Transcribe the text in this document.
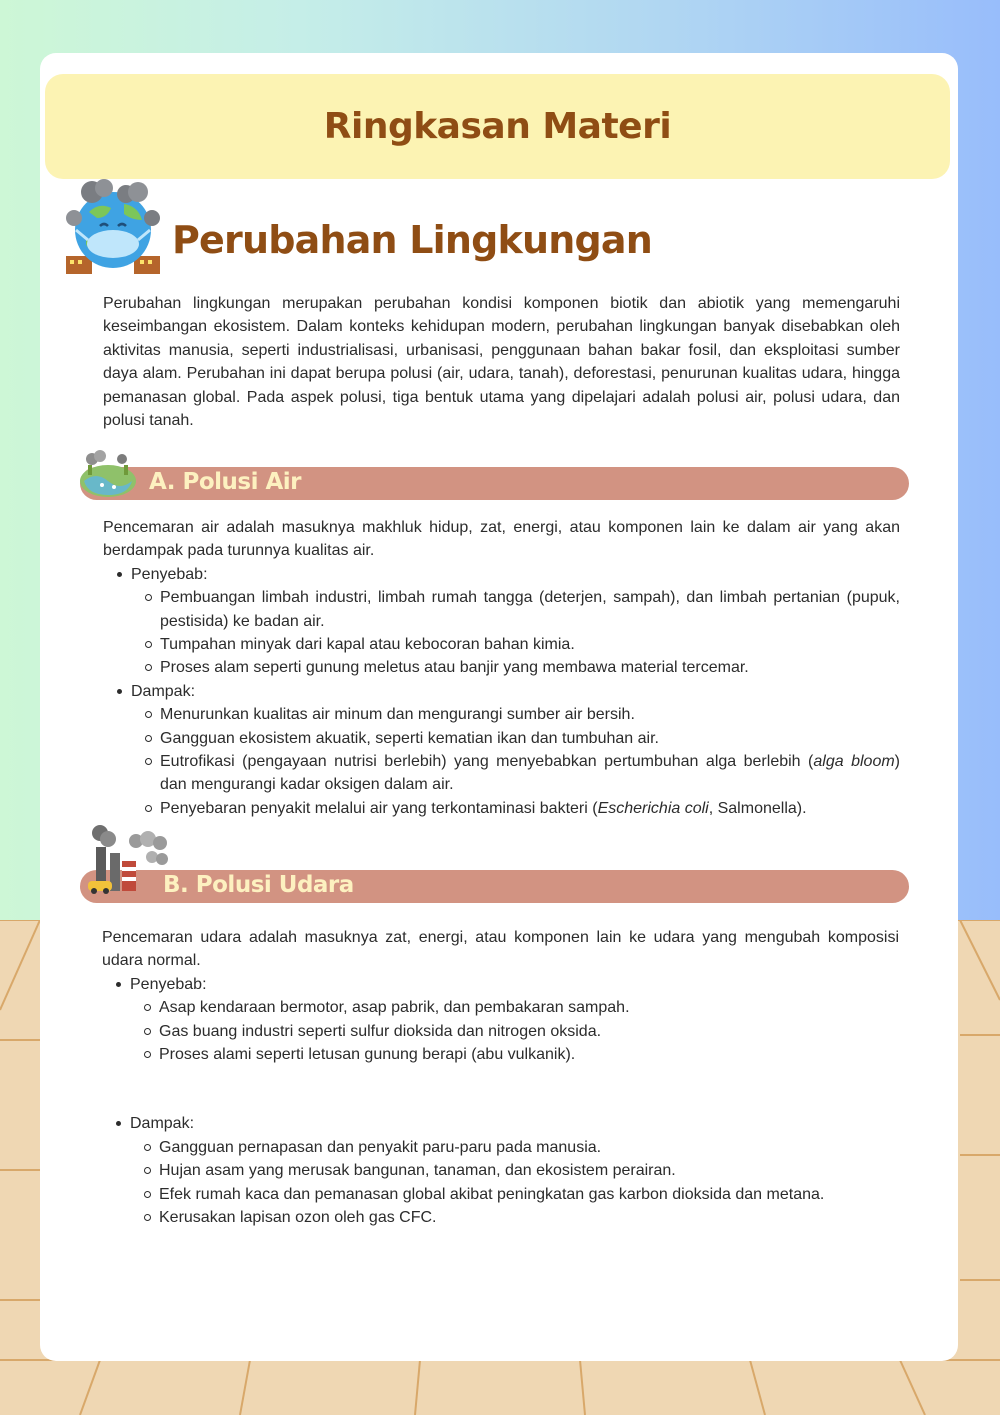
Ringkasan Materi
Perubahan Lingkungan

Perubahan lingkungan merupakan perubahan kondisi komponen biotik dan abiotik yang memengaruhi keseimbangan ekosistem. Dalam konteks kehidupan modern, perubahan lingkungan banyak disebabkan oleh aktivitas manusia, seperti industrialisasi, urbanisasi, penggunaan bahan bakar fosil, dan eksploitasi sumber daya alam. Perubahan ini dapat berupa polusi (air, udara, tanah), deforestasi, penurunan kualitas udara, hingga pemanasan global. Pada aspek polusi, tiga bentuk utama yang dipelajari adalah polusi air, polusi udara, dan polusi tanah.

A. Polusi Air

Pencemaran air adalah masuknya makhluk hidup, zat, energi, atau komponen lain ke dalam air yang akan berdampak pada turunnya kualitas air.

Penyebab:
Pembuangan limbah industri, limbah rumah tangga (deterjen, sampah), dan limbah pertanian (pupuk, pestisida) ke badan air.
Tumpahan minyak dari kapal atau kebocoran bahan kimia.
Proses alam seperti gunung meletus atau banjir yang membawa material tercemar.
Dampak:
Menurunkan kualitas air minum dan mengurangi sumber air bersih.
Gangguan ekosistem akuatik, seperti kematian ikan dan tumbuhan air.
Eutrofikasi (pengayaan nutrisi berlebih) yang menyebabkan pertumbuhan alga berlebih (alga bloom) dan mengurangi kadar oksigen dalam air.
Penyebaran penyakit melalui air yang terkontaminasi bakteri (Escherichia coli, Salmonella).
B. Polusi Udara

Pencemaran udara adalah masuknya zat, energi, atau komponen lain ke udara yang mengubah komposisi udara normal.

Penyebab:
Asap kendaraan bermotor, asap pabrik, dan pembakaran sampah.
Gas buang industri seperti sulfur dioksida dan nitrogen oksida.
Proses alami seperti letusan gunung berapi (abu vulkanik).
Dampak:
Gangguan pernapasan dan penyakit paru-paru pada manusia.
Hujan asam yang merusak bangunan, tanaman, dan ekosistem perairan.
Efek rumah kaca dan pemanasan global akibat peningkatan gas karbon dioksida dan metana.
Kerusakan lapisan ozon oleh gas CFC.
